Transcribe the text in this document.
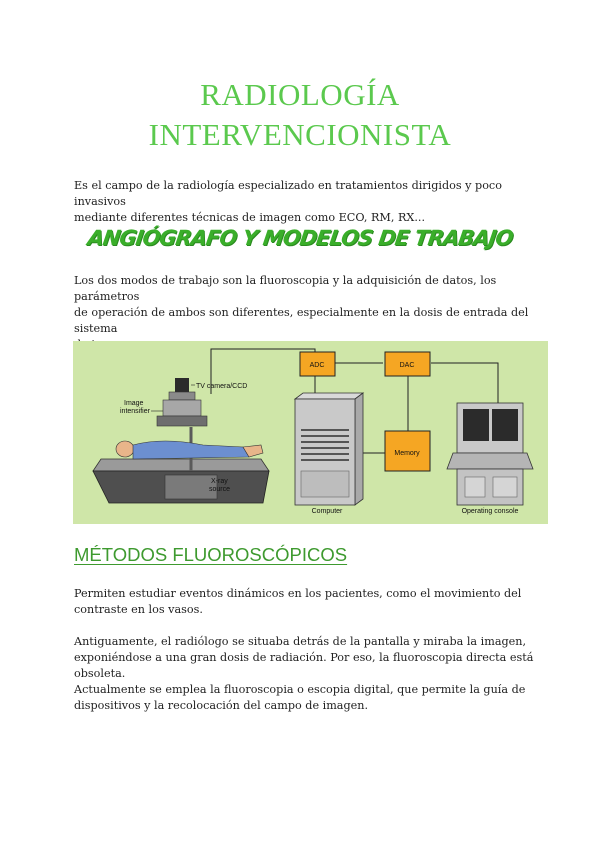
RADIOLOGÍA
INTERVENCIONISTA

Es el campo de la radiología especializado en tratamientos dirigidos y poco invasivos
mediante diferentes técnicas de imagen como ECO, RM, RX...

ANGIÓGRAFO Y MODELOS DE TRABAJO

Los dos modos de trabajo son la fluoroscopia y la adquisición de datos, los parámetros
de operación de ambos son diferentes, especialmente en la dosis de entrada del sistema

ADC	DAC
Memory
Computer	Operating console
TV camera/CCD
Image
intensifier
X-ray
source
MÉTODOS FLUOROSCÓPICOS

Permiten estudiar eventos dinámicos en los pacientes, como el movimiento del
contraste en los vasos.

Antiguamente, el radiólogo se situaba detrás de la pantalla y miraba la imagen,
exponiéndose a una gran dosis de radiación. Por eso, la fluoroscopia directa está
obsoleta.
Actualmente se emplea la fluoroscopia o escopia digital, que permite la guía de
dispositivos y la recolocación del campo de imagen.
